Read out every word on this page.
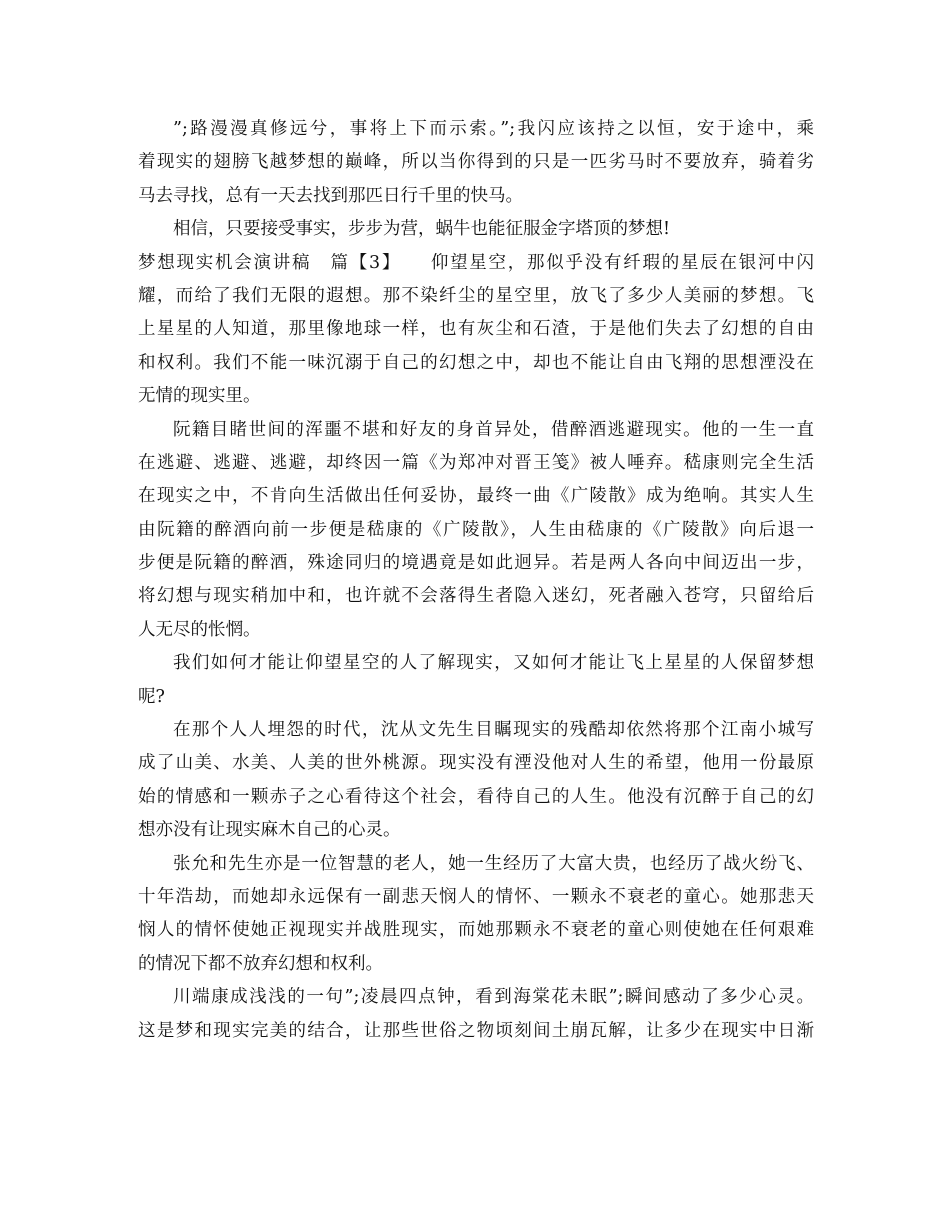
”;路漫漫真修远兮，事将上下而示索。”;我闪应该持之以恒，安于途中，乘
着现实的翅膀飞越梦想的巅峰，所以当你得到的只是一匹劣马时不要放弃，骑着劣
马去寻找，总有一天去找到那匹日行千里的快马。
相信，只要接受事实，步步为营，蜗牛也能征服金字塔顶的梦想!
梦想现实机会演讲稿　篇【3】　　仰望星空，那似乎没有纤瑕的星辰在银河中闪
耀，而给了我们无限的遐想。那不染纤尘的星空里，放飞了多少人美丽的梦想。飞
上星星的人知道，那里像地球一样，也有灰尘和石渣，于是他们失去了幻想的自由
和权利。我们不能一味沉溺于自己的幻想之中，却也不能让自由飞翔的思想湮没在
无情的现实里。
阮籍目睹世间的浑噩不堪和好友的身首异处，借醉酒逃避现实。他的一生一直
在逃避、逃避、逃避，却终因一篇《为郑冲对晋王笺》被人唾弃。嵇康则完全生活
在现实之中，不肯向生活做出任何妥协，最终一曲《广陵散》成为绝响。其实人生
由阮籍的醉酒向前一步便是嵇康的《广陵散》，人生由嵇康的《广陵散》向后退一
步便是阮籍的醉酒，殊途同归的境遇竟是如此迥异。若是两人各向中间迈出一步，
将幻想与现实稍加中和，也许就不会落得生者隐入迷幻，死者融入苍穹，只留给后
人无尽的怅惘。
我们如何才能让仰望星空的人了解现实，又如何才能让飞上星星的人保留梦想
呢?
在那个人人埋怨的时代，沈从文先生目瞩现实的残酷却依然将那个江南小城写
成了山美、水美、人美的世外桃源。现实没有湮没他对人生的希望，他用一份最原
始的情感和一颗赤子之心看待这个社会，看待自己的人生。他没有沉醉于自己的幻
想亦没有让现实麻木自己的心灵。
张允和先生亦是一位智慧的老人，她一生经历了大富大贵，也经历了战火纷飞、
十年浩劫，而她却永远保有一副悲天悯人的情怀、一颗永不衰老的童心。她那悲天
悯人的情怀使她正视现实并战胜现实，而她那颗永不衰老的童心则使她在任何艰难
的情况下都不放弃幻想和权利。
川端康成浅浅的一句”;凌晨四点钟，看到海棠花未眠”;瞬间感动了多少心灵。
这是梦和现实完美的结合，让那些世俗之物顷刻间土崩瓦解，让多少在现实中日渐
